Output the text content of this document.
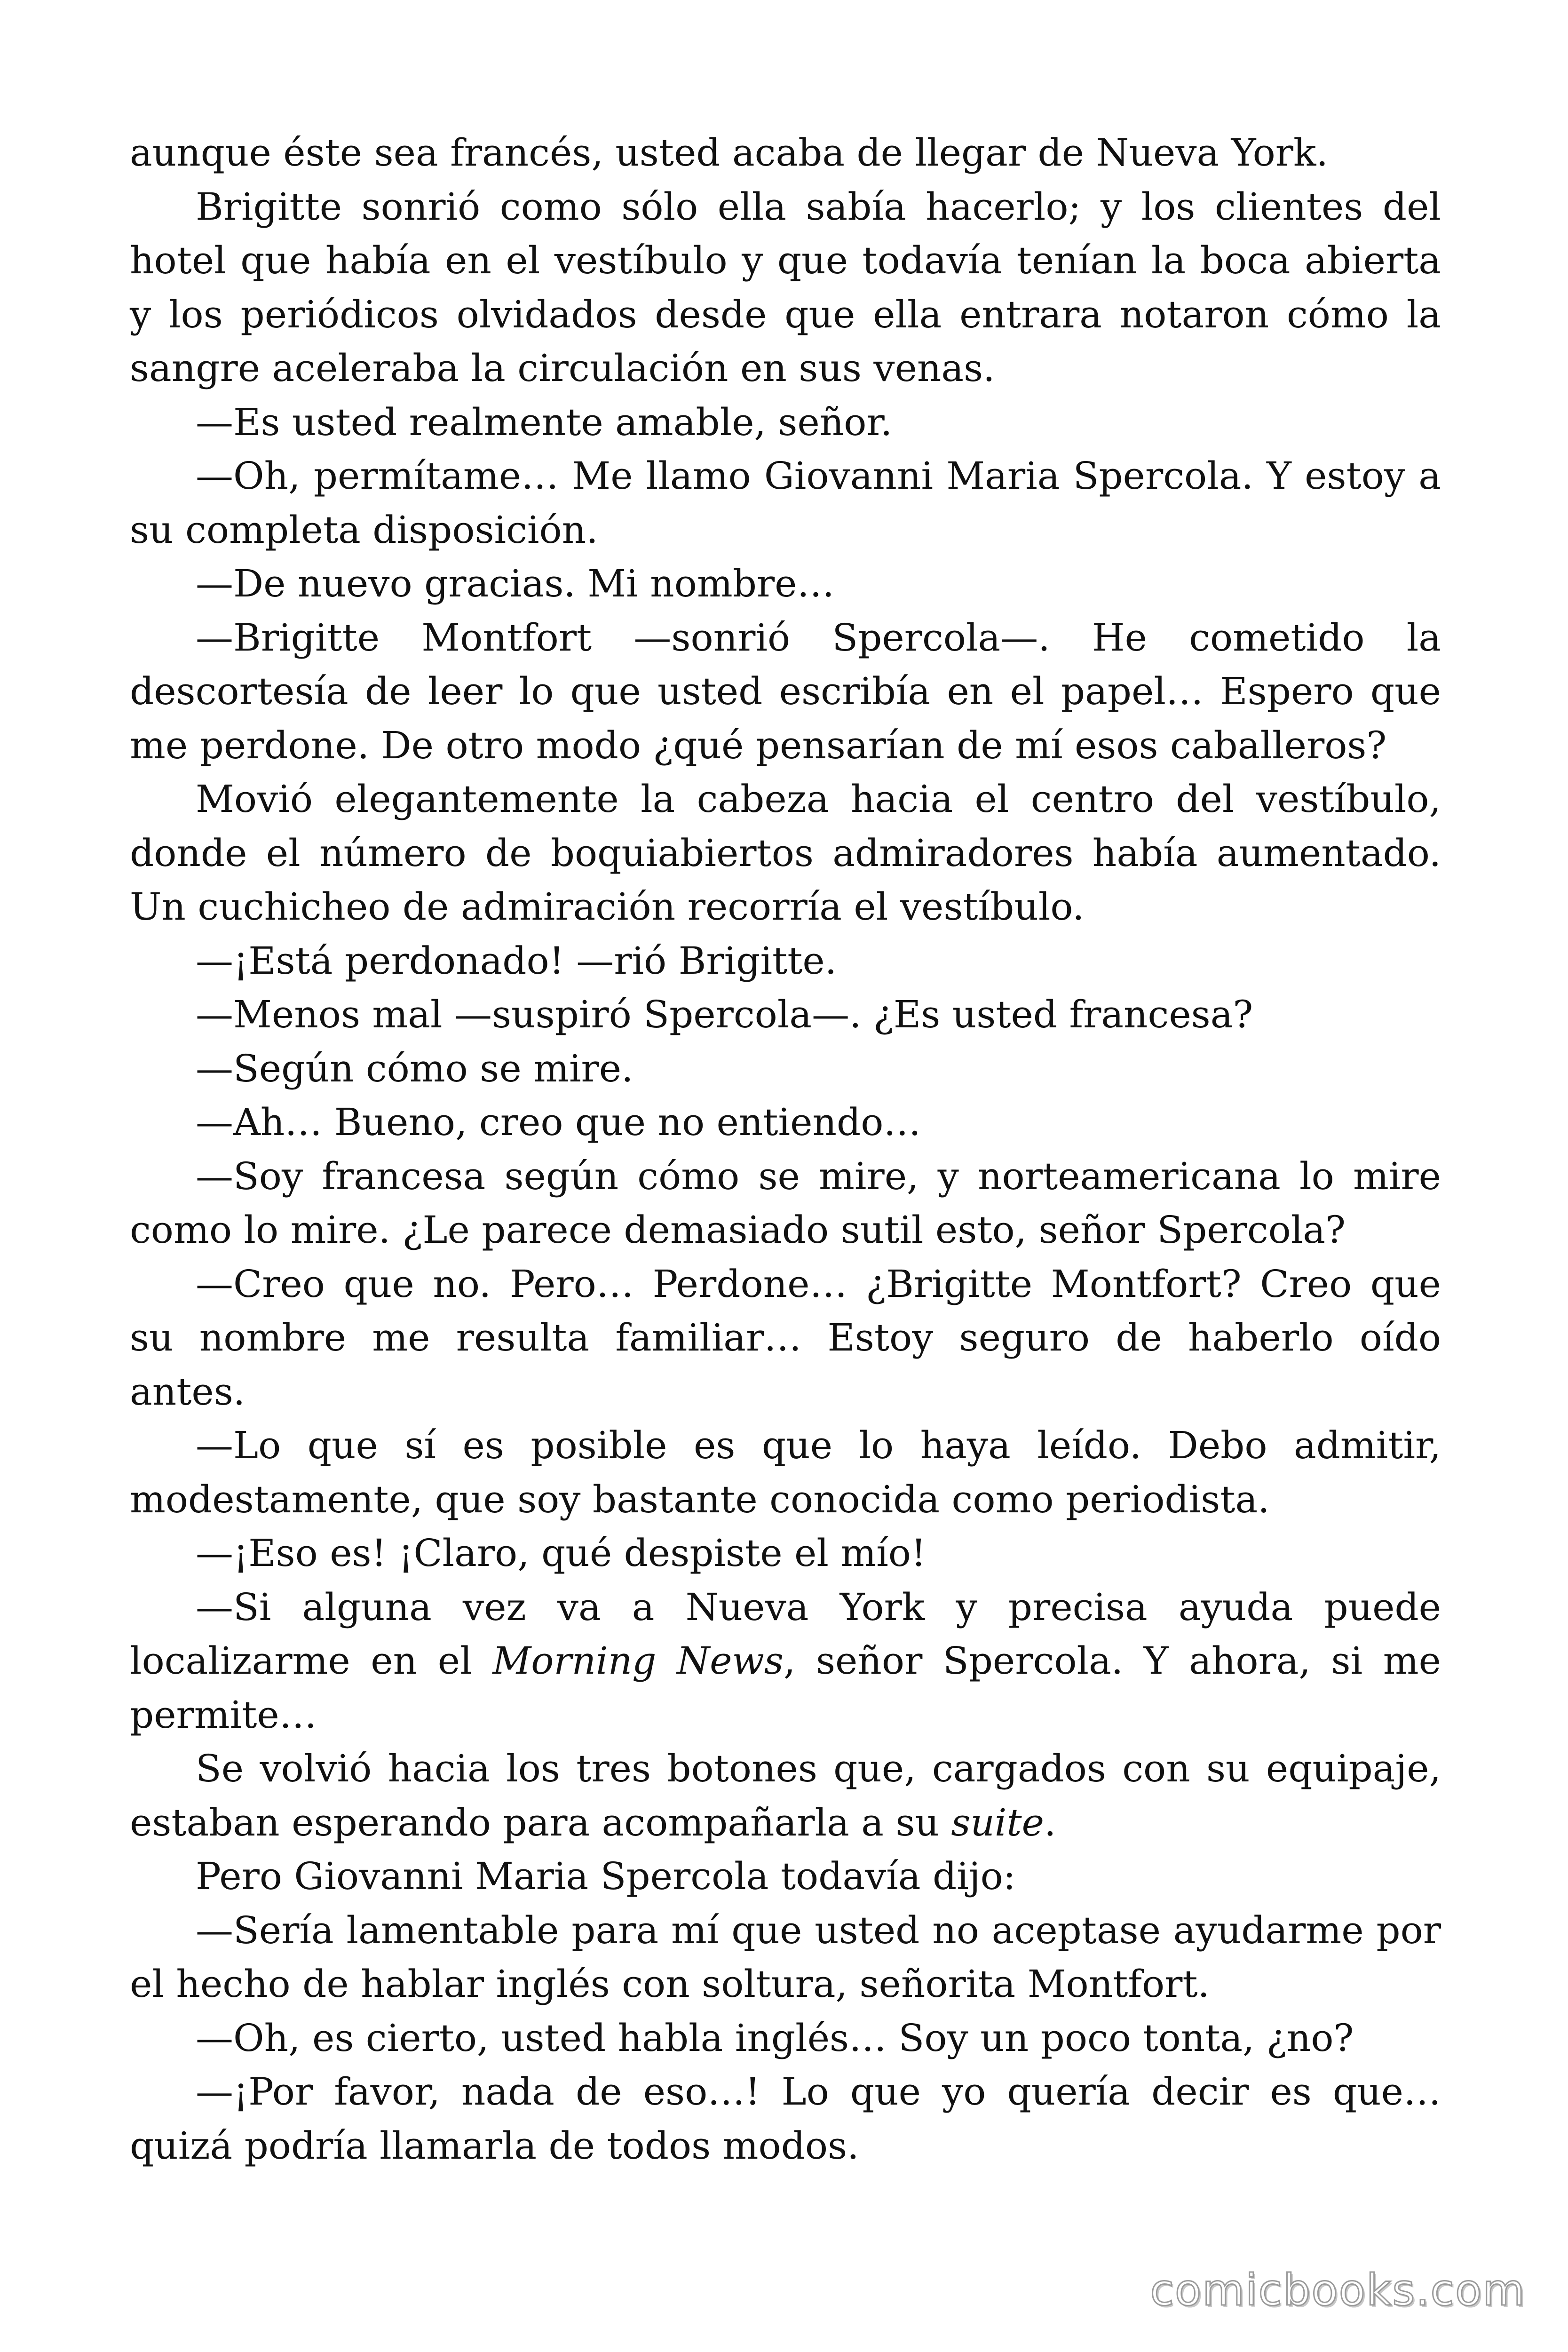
aunque éste sea francés, usted acaba de llegar de Nueva York.

Brigitte sonrió como sólo ella sabía hacerlo; y los clientes del hotel que había en el vestíbulo y que todavía tenían la boca abierta y los periódicos olvidados desde que ella entrara notaron cómo la sangre aceleraba la circulación en sus venas.

—Es usted realmente amable, señor.

—Oh, permítame… Me llamo Giovanni Maria Spercola. Y estoy a su completa disposición.

—De nuevo gracias. Mi nombre…

—Brigitte Montfort —sonrió Spercola—. He cometido la descortesía de leer lo que usted escribía en el papel… Espero que me perdone. De otro modo ¿qué pensarían de mí esos caballeros?

Movió elegantemente la cabeza hacia el centro del vestíbulo, donde el número de boquiabiertos admiradores había aumentado. Un cuchicheo de admiración recorría el vestíbulo.

—¡Está perdonado! —rió Brigitte.

—Menos mal —suspiró Spercola—. ¿Es usted francesa?

—Según cómo se mire.

—Ah… Bueno, creo que no entiendo…

—Soy francesa según cómo se mire, y norteamericana lo mire como lo mire. ¿Le parece demasiado sutil esto, señor Spercola?

—Creo que no. Pero… Perdone… ¿Brigitte Montfort? Creo que su nombre me resulta familiar… Estoy seguro de haberlo oído antes.

—Lo que sí es posible es que lo haya leído. Debo admitir, modestamente, que soy bastante conocida como periodista.

—¡Eso es! ¡Claro, qué despiste el mío!

—Si alguna vez va a Nueva York y precisa ayuda puede localizarme en el Morning News, señor Spercola. Y ahora, si me permite…

Se volvió hacia los tres botones que, cargados con su equipaje, estaban esperando para acompañarla a su suite.

Pero Giovanni Maria Spercola todavía dijo:

—Sería lamentable para mí que usted no aceptase ayudarme por el hecho de hablar inglés con soltura, señorita Montfort.

—Oh, es cierto, usted habla inglés… Soy un poco tonta, ¿no?

—¡Por favor, nada de eso…! Lo que yo quería decir es que… quizá podría llamarla de todos modos.

comicbooks.com
